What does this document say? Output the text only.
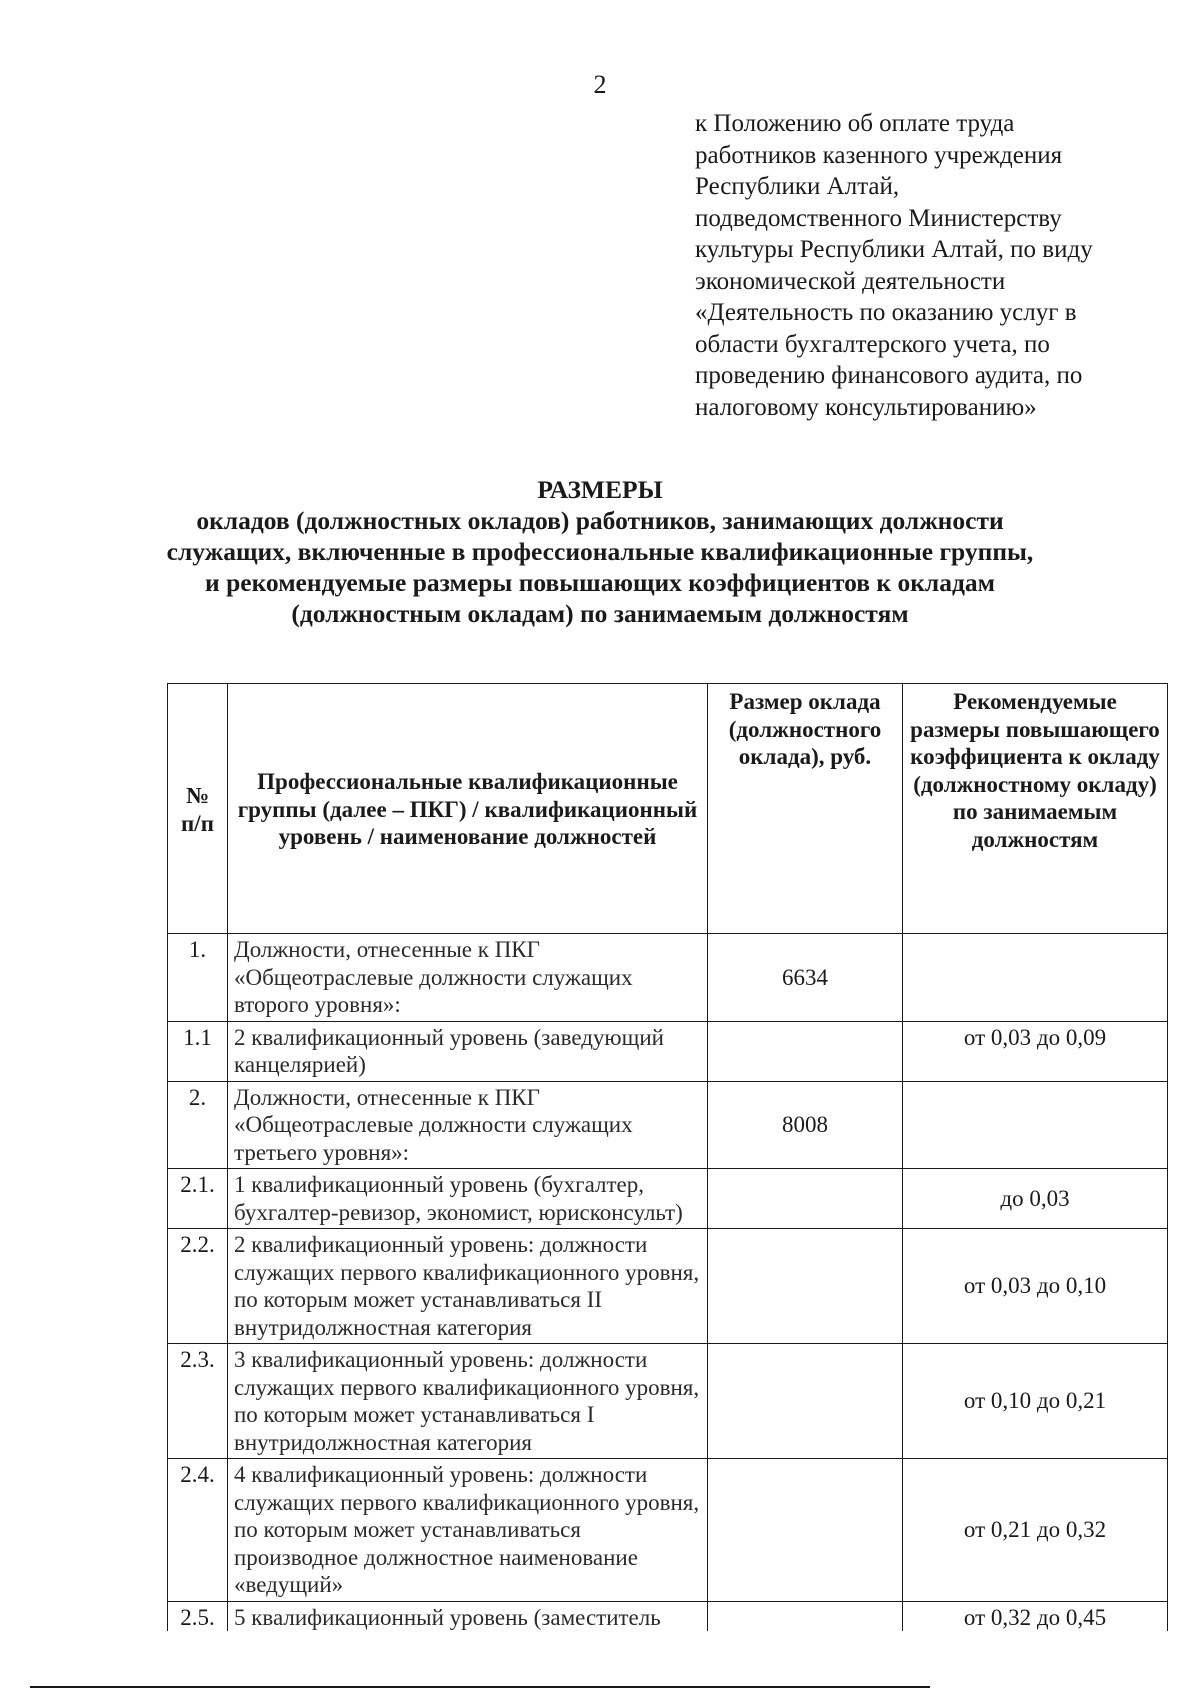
2
к Положению об оплате труда
работников казенного учреждения
Республики Алтай,
подведомственного Министерству
культуры Республики Алтай, по виду
экономической деятельности
«Деятельность по оказанию услуг в
области бухгалтерского учета, по
проведению финансового аудита, по
налоговому консультированию»
РАЗМЕРЫ
окладов (должностных окладов) работников, занимающих должности
служащих, включенные в профессиональные квалификационные группы,
и рекомендуемые размеры повышающих коэффициентов к окладам
(должностным окладам) по занимаемым должностям
№ п/п	Профессиональные квалификационные группы (далее – ПКГ) / квалификационный уровень / наименование должностей	Размер оклада (должностного оклада), руб.	Рекомендуемые размеры повышающего коэффициента к окладу (должностному окладу) по занимаемым должностям
1.	Должности, отнесенные к ПКГ «Общеотраслевые должности служащих второго уровня»:	6634	
1.1	2 квалификационный уровень (заведующий канцелярией)		от 0,03 до 0,09
2.	Должности, отнесенные к ПКГ «Общеотраслевые должности служащих третьего уровня»:	8008	
2.1.	1 квалификационный уровень (бухгалтер, бухгалтер-ревизор, экономист, юрисконсульт)		до 0,03
2.2.	2 квалификационный уровень: должности служащих первого квалификационного уровня, по которым может устанавливаться II внутридолжностная категория		от 0,03 до 0,10
2.3.	3 квалификационный уровень: должности служащих первого квалификационного уровня, по которым может устанавливаться I внутридолжностная категория		от 0,10 до 0,21
2.4.	4 квалификационный уровень: должности служащих первого квалификационного уровня, по которым может устанавливаться производное должностное наименование «ведущий»		от 0,21 до 0,32
2.5.	5 квалификационный уровень (заместитель		от 0,32 до 0,45
